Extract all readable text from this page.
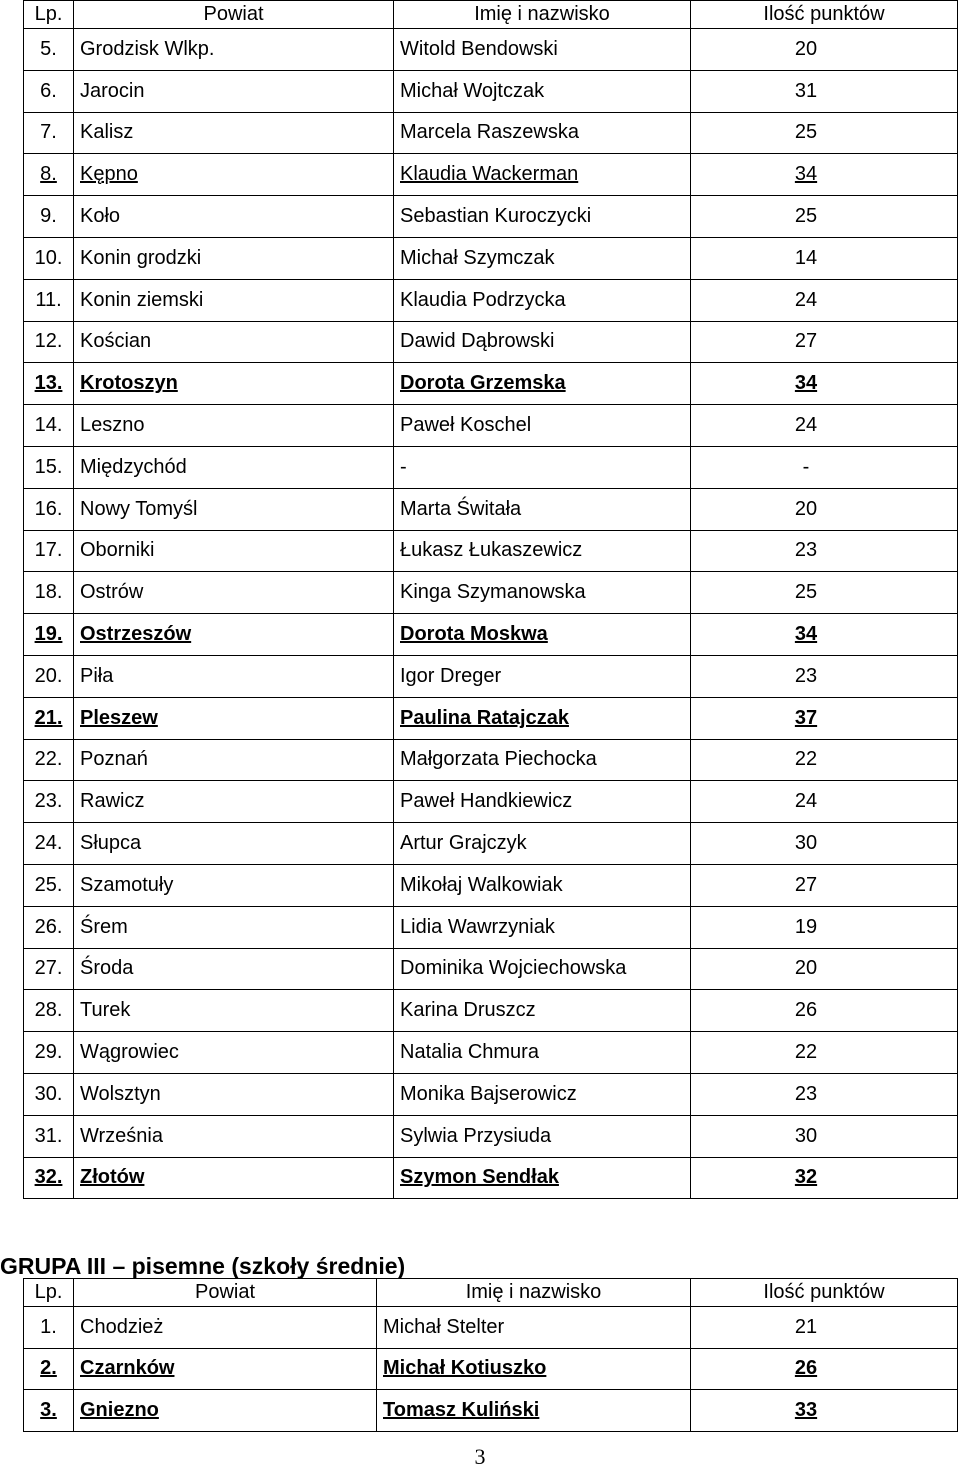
Lp.	Powiat	Imię i nazwisko	Ilość punktów
5.	Grodzisk Wlkp.	Witold Bendowski	20
6.	Jarocin	Michał Wojtczak	31
7.	Kalisz	Marcela Raszewska	25
8.	Kępno	Klaudia Wackerman	34
9.	Koło	Sebastian Kuroczycki	25
10.	Konin grodzki	Michał Szymczak	14
11.	Konin ziemski	Klaudia Podrzycka	24
12.	Kościan	Dawid Dąbrowski	27
13.	Krotoszyn	Dorota Grzemska	34
14.	Leszno	Paweł Koschel	24
15.	Międzychód	-	-
16.	Nowy Tomyśl	Marta Świtała	20
17.	Oborniki	Łukasz Łukaszewicz	23
18.	Ostrów	Kinga Szymanowska	25
19.	Ostrzeszów	Dorota Moskwa	34
20.	Piła	Igor Dreger	23
21.	Pleszew	Paulina Ratajczak	37
22.	Poznań	Małgorzata Piechocka	22
23.	Rawicz	Paweł Handkiewicz	24
24.	Słupca	Artur Grajczyk	30
25.	Szamotuły	Mikołaj Walkowiak	27
26.	Śrem	Lidia Wawrzyniak	19
27.	Środa	Dominika Wojciechowska	20
28.	Turek	Karina Druszcz	26
29.	Wągrowiec	Natalia Chmura	22
30.	Wolsztyn	Monika Bajserowicz	23
31.	Września	Sylwia Przysiuda	30
32.	Złotów	Szymon Sendłak	32
GRUPA III – pisemne (szkoły średnie)
Lp.	Powiat	Imię i nazwisko	Ilość punktów
1.	Chodzież	Michał Stelter	21
2.	Czarnków	Michał Kotiuszko	26
3.	Gniezno	Tomasz Kuliński	33
3
